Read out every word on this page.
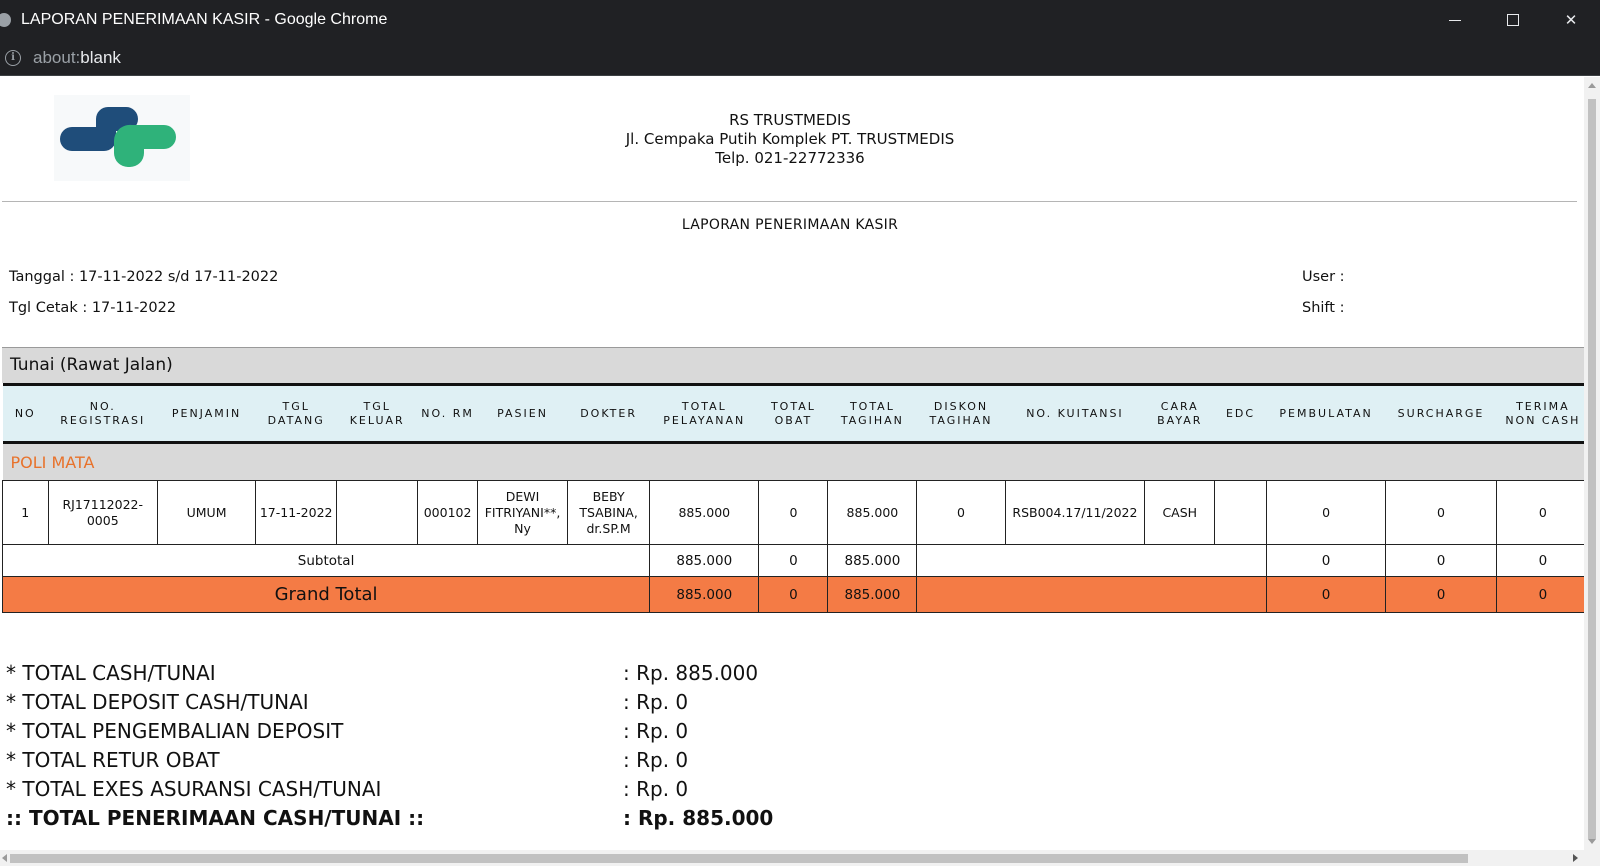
LAPORAN PENERIMAAN KASIR - Google Chrome	✕
i	about:blank
RS TRUSTMEDIS
Jl. Cempaka Putih Komplek PT. TRUSTMEDIS
Telp. 021-22772336
LAPORAN PENERIMAAN KASIR
Tanggal : 17-11-2022 s/d 17-11-2022
Tgl Cetak : 17-11-2022
User :
Shift :
Tunai (Rawat Jalan)
NO	NO. REGISTRASI	PENJAMIN	TGL DATANG	TGL KELUAR	NO. RM	PASIEN	DOKTER	TOTAL PELAYANAN	TOTAL OBAT	TOTAL TAGIHAN	DISKON TAGIHAN	NO. KUITANSI	CARA BAYAR	EDC	PEMBULATAN	SURCHARGE	TERIMA NON CASH
POLI MATA																	
1	RJ17112022-0005	UMUM	17-11-2022		000102	DEWI FITRIYANI**, Ny	BEBY TSABINA, dr.SP.M	885.000	0	885.000	0	RSB004.17/11/2022	CASH		0	0	0
Subtotal								885.000	0	885.000					0	0	0
Grand Total								885.000	0	885.000					0	0	0
* TOTAL CASH/TUNAI	: Rp. 885.000
* TOTAL DEPOSIT CASH/TUNAI	: Rp. 0
* TOTAL PENGEMBALIAN DEPOSIT	: Rp. 0
* TOTAL RETUR OBAT	: Rp. 0
* TOTAL EXES ASURANSI CASH/TUNAI	: Rp. 0
:: TOTAL PENERIMAAN CASH/TUNAI ::	: Rp. 885.000
